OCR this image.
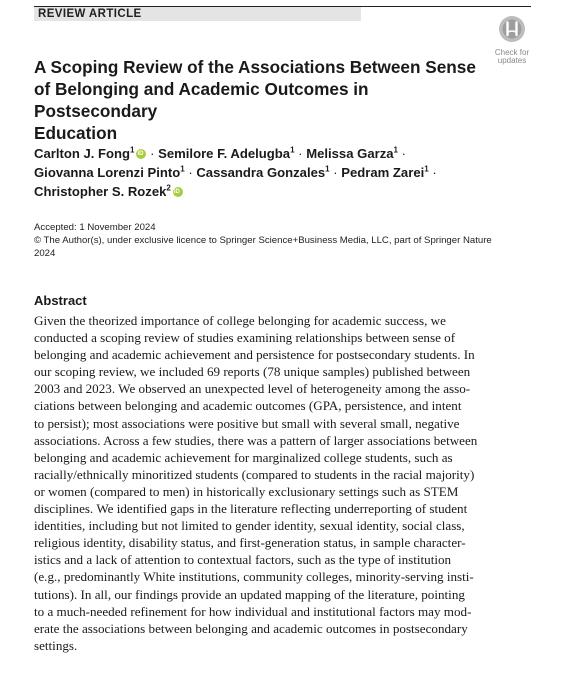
REVIEW ARTICLE
Check for
updates
A Scoping Review of the Associations Between Sense
of Belonging and Academic Outcomes in Postsecondary
Education
Carlton J. Fong$^1$iD · Semilore F. Adelugba$^1$ · Melissa Garza$^1$ ·
Giovanna Lorenzi Pinto$^1$ · Cassandra Gonzales$^1$ · Pedram Zarei$^1$ ·
Christopher S. Rozek$^2$iD
Accepted: 1 November 2024
© The Author(s), under exclusive licence to Springer Science+Business Media, LLC, part of Springer Nature
2024
Abstract
Given the theorized importance of college belonging for academic success, we
conducted a scoping review of studies examining relationships between sense of
belonging and academic achievement and persistence for postsecondary students. In
our scoping review, we included 69 reports (78 unique samples) published between
2003 and 2023. We observed an unexpected level of heterogeneity among the asso-
ciations between belonging and academic outcomes (GPA, persistence, and intent
to persist); most associations were positive but small with several small, negative
associations. Across a few studies, there was a pattern of larger associations between
belonging and academic achievement for marginalized college students, such as
racially/ethnically minoritized students (compared to students in the racial majority)
or women (compared to men) in historically exclusionary settings such as STEM
disciplines. We identified gaps in the literature reflecting underreporting of student
identities, including but not limited to gender identity, sexual identity, social class,
religious identity, disability status, and first-generation status, in sample character-
istics and a lack of attention to contextual factors, such as the type of institution
(e.g., predominantly White institutions, community colleges, minority-serving insti-
tutions). In all, our findings provide an updated mapping of the literature, pointing
to a much-needed refinement for how individual and institutional factors may mod-
erate the associations between belonging and academic outcomes in postsecondary
settings.
